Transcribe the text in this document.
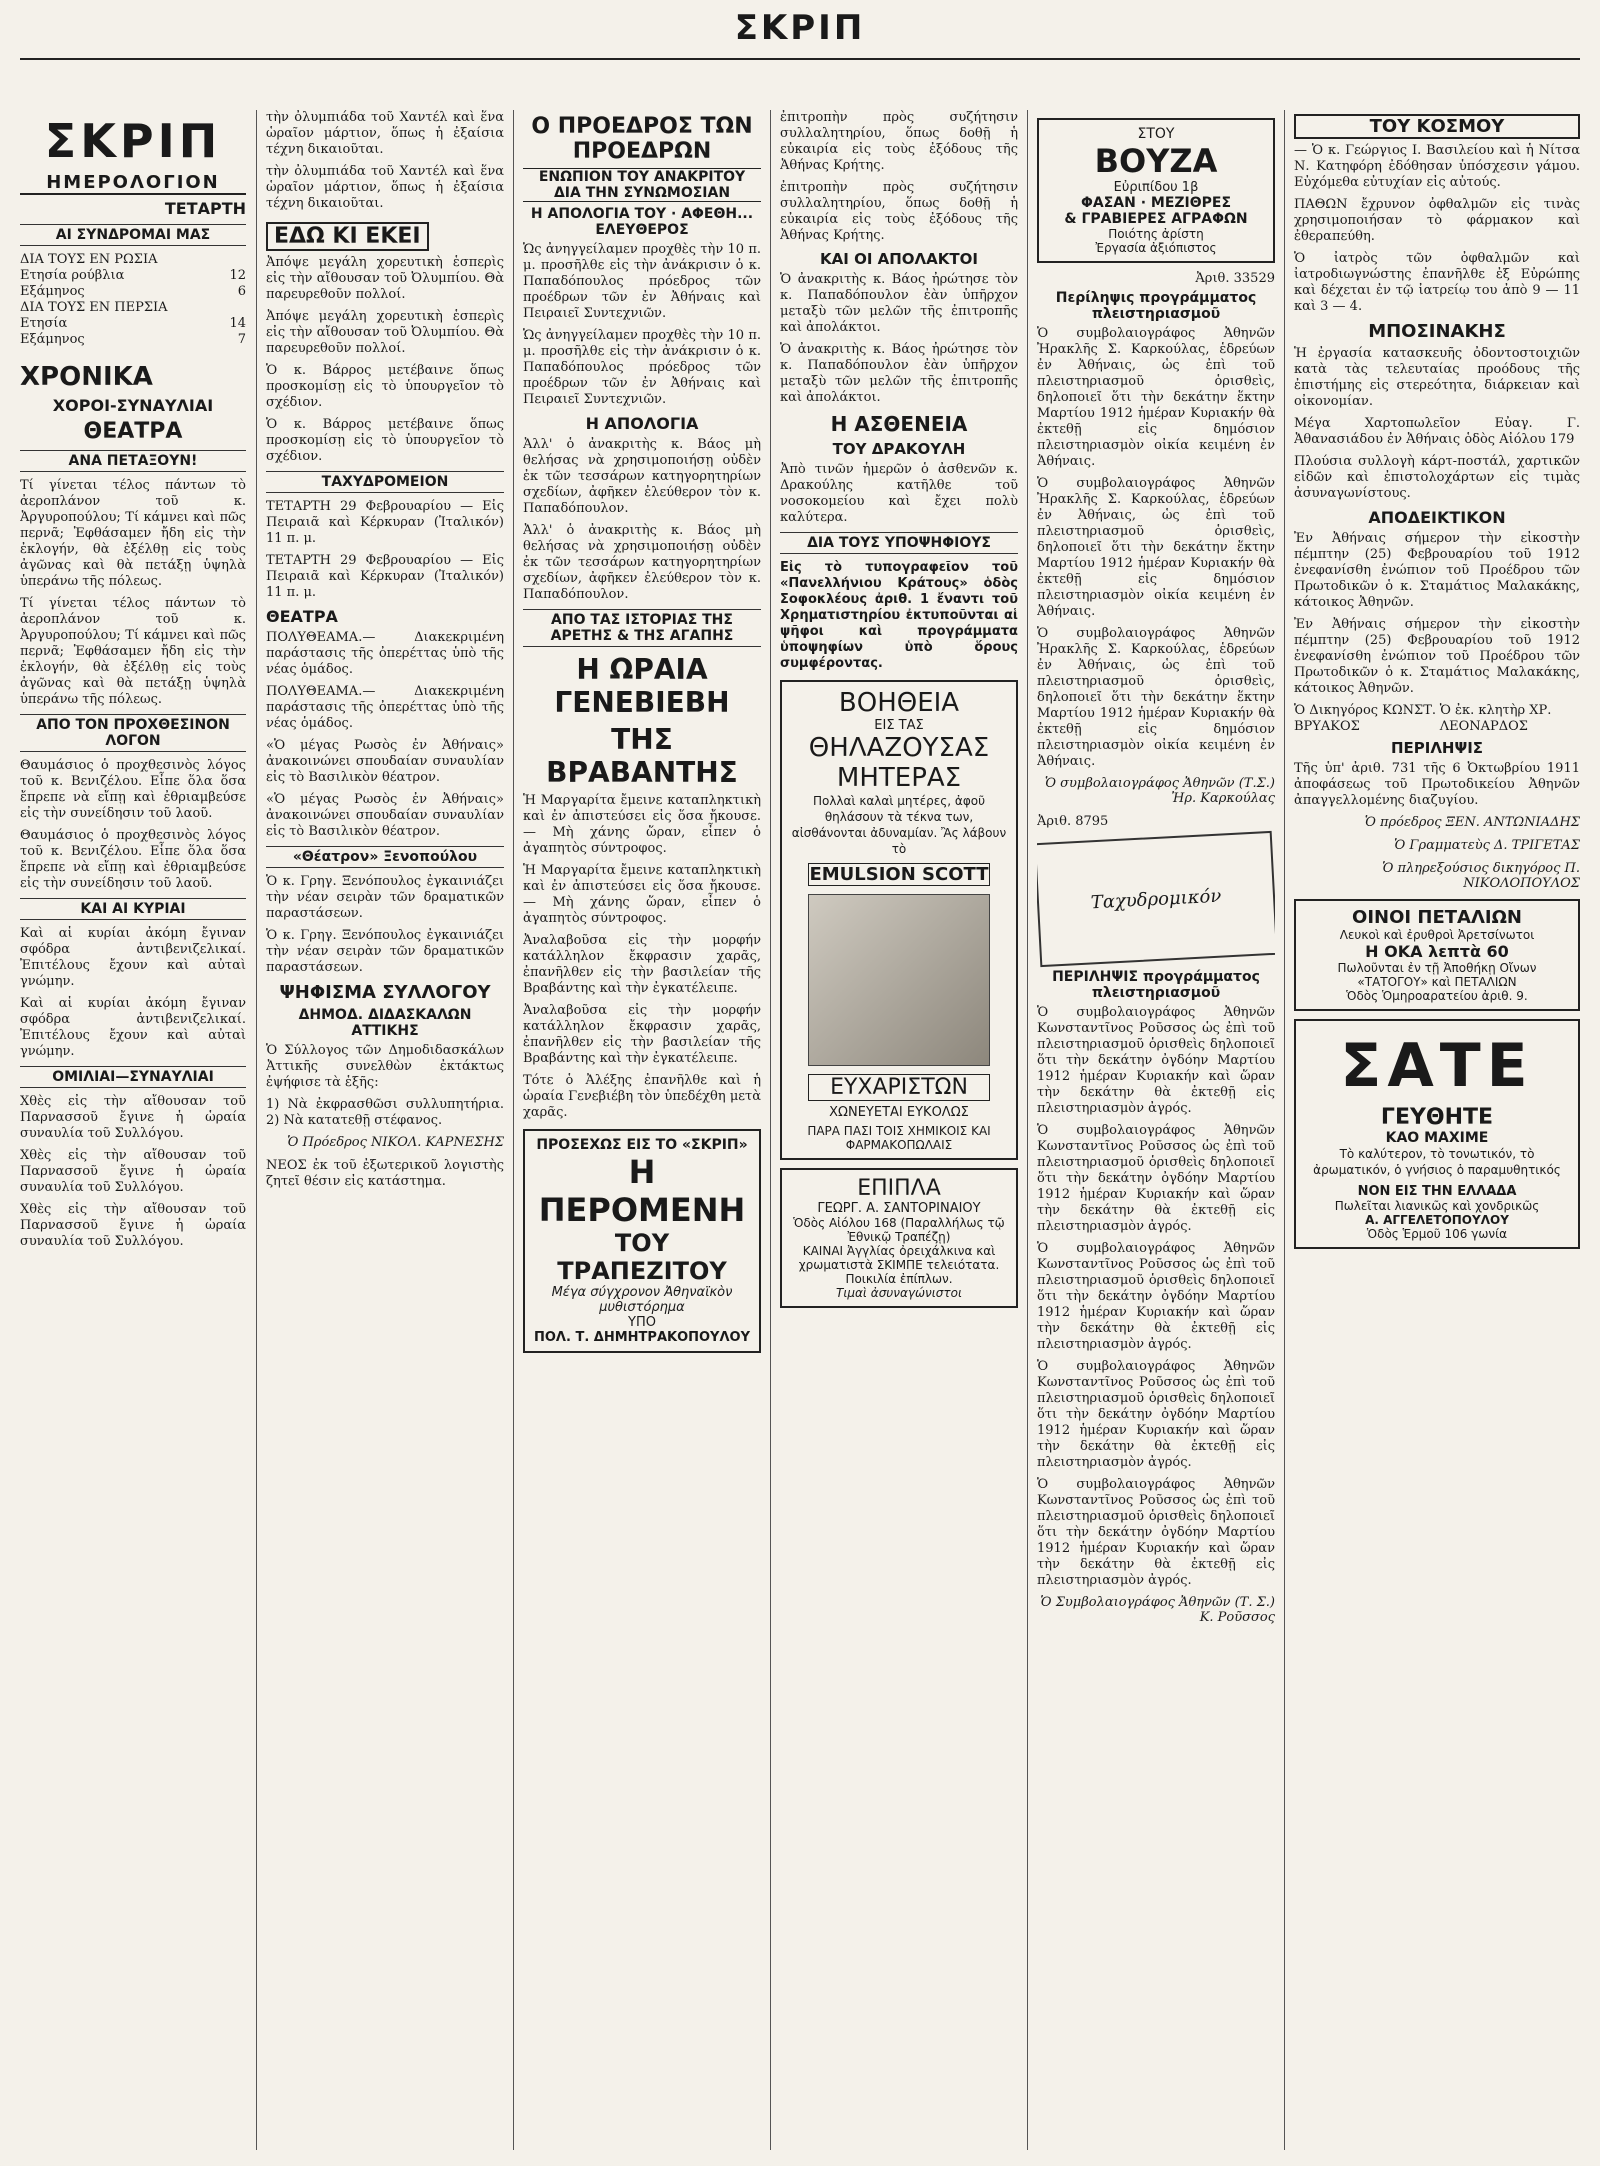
ΣΚΡΙΠ
ΣΚΡΙΠ
ΗΜΕΡΟΛΟΓΙΟΝ
ΤΕΤΑΡΤΗ
ΑΙ ΣΥΝΔΡΟΜΑΙ ΜΑΣ
ΔΙΑ ΤΟΥΣ ΕΝ ΡΩΣΙΑ
Ετησία ρούβλια	12
Εξάμηνος	6
ΔΙΑ ΤΟΥΣ ΕΝ ΠΕΡΣΙΑ
Ετησία	14
Εξάμηνος	7
ΧΡΟΝΙΚΑ
ΧΟΡΟΙ-ΣΥΝΑΥΛΙΑΙ
ΘΕΑΤΡΑ
ΑΝΑ ΠΕΤΑΞΟΥΝ!

Τί γίνεται τέλος πάντων τὸ ἀεροπλάνον τοῦ κ. Ἀργυροπούλου; Τί κάμνει καὶ πῶς περνᾶ; Ἐφθάσαμεν ἤδη εἰς τὴν ἐκλογήν, θὰ ἐξέλθῃ εἰς τοὺς ἀγῶνας καὶ θὰ πετάξῃ ὑψηλὰ ὑπεράνω τῆς πόλεως.

Τί γίνεται τέλος πάντων τὸ ἀεροπλάνον τοῦ κ. Ἀργυροπούλου; Τί κάμνει καὶ πῶς περνᾶ; Ἐφθάσαμεν ἤδη εἰς τὴν ἐκλογήν, θὰ ἐξέλθῃ εἰς τοὺς ἀγῶνας καὶ θὰ πετάξῃ ὑψηλὰ ὑπεράνω τῆς πόλεως.

ΑΠΟ ΤΟΝ ΠΡΟΧΘΕΣΙΝΟΝ ΛΟΓΟΝ

Θαυμάσιος ὁ προχθεσινὸς λόγος τοῦ κ. Βενιζέλου. Εἶπε ὅλα ὅσα ἔπρεπε νὰ εἴπῃ καὶ ἐθριαμβεύσε εἰς τὴν συνείδησιν τοῦ λαοῦ.

Θαυμάσιος ὁ προχθεσινὸς λόγος τοῦ κ. Βενιζέλου. Εἶπε ὅλα ὅσα ἔπρεπε νὰ εἴπῃ καὶ ἐθριαμβεύσε εἰς τὴν συνείδησιν τοῦ λαοῦ.

ΚΑΙ ΑΙ ΚΥΡΙΑΙ

Καὶ αἱ κυρίαι ἀκόμη ἔγιναν σφόδρα ἀντιβενιζελικαί. Ἐπιτέλους ἔχουν καὶ αὐταὶ γνώμην.

Καὶ αἱ κυρίαι ἀκόμη ἔγιναν σφόδρα ἀντιβενιζελικαί. Ἐπιτέλους ἔχουν καὶ αὐταὶ γνώμην.

ΟΜΙΛΙΑΙ—ΣΥΝΑΥΛΙΑΙ

Χθὲς εἰς τὴν αἴθουσαν τοῦ Παρνασσοῦ ἔγινε ἡ ὡραία συναυλία τοῦ Συλλόγου.

Χθὲς εἰς τὴν αἴθουσαν τοῦ Παρνασσοῦ ἔγινε ἡ ὡραία συναυλία τοῦ Συλλόγου.

Χθὲς εἰς τὴν αἴθουσαν τοῦ Παρνασσοῦ ἔγινε ἡ ὡραία συναυλία τοῦ Συλλόγου.

τὴν ὀλυμπιάδα τοῦ Χαντέλ καὶ ἕνα ὡραῖον μάρτιον, ὅπως ἡ ἐξαίσια τέχνη δικαιοῦται.

τὴν ὀλυμπιάδα τοῦ Χαντέλ καὶ ἕνα ὡραῖον μάρτιον, ὅπως ἡ ἐξαίσια τέχνη δικαιοῦται.

ΕΔΩ ΚΙ ΕΚΕΙ

Ἀπόψε μεγάλη χορευτικὴ ἑσπερὶς εἰς τὴν αἴθουσαν τοῦ Ὀλυμπίου. Θὰ παρευρεθοῦν πολλοί.

Ἀπόψε μεγάλη χορευτικὴ ἑσπερὶς εἰς τὴν αἴθουσαν τοῦ Ὀλυμπίου. Θὰ παρευρεθοῦν πολλοί.

Ὁ κ. Βάρρος μετέβαινε ὅπως προσκομίσῃ εἰς τὸ ὑπουργεῖον τὸ σχέδιον.

Ὁ κ. Βάρρος μετέβαινε ὅπως προσκομίσῃ εἰς τὸ ὑπουργεῖον τὸ σχέδιον.

ΤΑΧΥΔΡΟΜΕΙΟΝ

ΤΕΤΑΡΤΗ 29 Φεβρουαρίου — Εἰς Πειραιᾶ καὶ Κέρκυραν (Ἰταλικόν) 11 π. μ.

ΤΕΤΑΡΤΗ 29 Φεβρουαρίου — Εἰς Πειραιᾶ καὶ Κέρκυραν (Ἰταλικόν) 11 π. μ.

ΘΕΑΤΡΑ

ΠΟΛΥΘΕΑΜΑ.— Διακεκριμένη παράστασις τῆς ὀπερέττας ὑπὸ τῆς νέας ὁμάδος.

ΠΟΛΥΘΕΑΜΑ.— Διακεκριμένη παράστασις τῆς ὀπερέττας ὑπὸ τῆς νέας ὁμάδος.

«Ὁ μέγας Ρωσὸς ἐν Ἀθήναις» ἀνακοινώνει σπουδαίαν συναυλίαν εἰς τὸ Βασιλικὸν θέατρον.

«Ὁ μέγας Ρωσὸς ἐν Ἀθήναις» ἀνακοινώνει σπουδαίαν συναυλίαν εἰς τὸ Βασιλικὸν θέατρον.

«Θέατρον» Ξενοπούλου

Ὁ κ. Γρηγ. Ξενόπουλος ἐγκαινιάζει τὴν νέαν σειρὰν τῶν δραματικῶν παραστάσεων.

Ὁ κ. Γρηγ. Ξενόπουλος ἐγκαινιάζει τὴν νέαν σειρὰν τῶν δραματικῶν παραστάσεων.

ΨΗΦΙΣΜΑ ΣΥΛΛΟΓΟΥ
ΔΗΜΟΔ. ΔΙΔΑΣΚΑΛΩΝ ΑΤΤΙΚΗΣ

Ὁ Σύλλογος τῶν Δημοδιδασκάλων Ἀττικῆς συνελθὼν ἐκτάκτως ἐψήφισε τὰ ἑξῆς:

1) Νὰ ἐκφρασθῶσι συλλυπητήρια. 2) Νὰ κατατεθῇ στέφανος.

Ὁ Πρόεδρος ΝΙΚΟΛ. ΚΑΡΝΕΣΗΣ

ΝΕΟΣ ἐκ τοῦ ἐξωτερικοῦ λογιστὴς ζητεῖ θέσιν εἰς κατάστημα.

Ο ΠΡΟΕΔΡΟΣ ΤΩΝ ΠΡΟΕΔΡΩΝ
ΕΝΩΠΙΟΝ ΤΟΥ ΑΝΑΚΡΙΤΟΥ ΔΙΑ ΤΗΝ ΣΥΝΩΜΟΣΙΑΝ
Η ΑΠΟΛΟΓΙΑ ΤΟΥ · ΑΦΕΘΗ... ΕΛΕΥΘΕΡΟΣ

Ὡς ἀνηγγείλαμεν προχθὲς τὴν 10 π. μ. προσῆλθε εἰς τὴν ἀνάκρισιν ὁ κ. Παπαδόπουλος πρόεδρος τῶν προέδρων τῶν ἐν Ἀθήναις καὶ Πειραιεῖ Συντεχνιῶν.

Ὡς ἀνηγγείλαμεν προχθὲς τὴν 10 π. μ. προσῆλθε εἰς τὴν ἀνάκρισιν ὁ κ. Παπαδόπουλος πρόεδρος τῶν προέδρων τῶν ἐν Ἀθήναις καὶ Πειραιεῖ Συντεχνιῶν.

Η ΑΠΟΛΟΓΙΑ

Ἀλλ' ὁ ἀνακριτὴς κ. Βάος μὴ θελήσας νὰ χρησιμοποιήσῃ οὐδὲν ἐκ τῶν τεσσάρων κατηγορητηρίων σχεδίων, ἀφῆκεν ἐλεύθερον τὸν κ. Παπαδόπουλον.

Ἀλλ' ὁ ἀνακριτὴς κ. Βάος μὴ θελήσας νὰ χρησιμοποιήσῃ οὐδὲν ἐκ τῶν τεσσάρων κατηγορητηρίων σχεδίων, ἀφῆκεν ἐλεύθερον τὸν κ. Παπαδόπουλον.

ΑΠΟ ΤΑΣ ΙΣΤΟΡΙΑΣ ΤΗΣ ΑΡΕΤΗΣ & ΤΗΣ ΑΓΑΠΗΣ
Η ΩΡΑΙΑ ΓΕΝΕΒΙΕΒΗ
ΤΗΣ ΒΡΑΒΑΝΤΗΣ

Ἡ Μαργαρίτα ἔμεινε καταπληκτικὴ καὶ ἐν ἀπιστεύσει εἰς ὅσα ἤκουσε. — Μὴ χάνης ὥραν, εἶπεν ὁ ἀγαπητὸς σύντροφος.

Ἡ Μαργαρίτα ἔμεινε καταπληκτικὴ καὶ ἐν ἀπιστεύσει εἰς ὅσα ἤκουσε. — Μὴ χάνης ὥραν, εἶπεν ὁ ἀγαπητὸς σύντροφος.

Ἀναλαβοῦσα εἰς τὴν μορφήν κατάλληλον ἔκφρασιν χαρᾶς, ἐπανῆλθεν εἰς τὴν βασιλείαν τῆς Βραβάντης καὶ τὴν ἐγκατέλειπε.

Ἀναλαβοῦσα εἰς τὴν μορφήν κατάλληλον ἔκφρασιν χαρᾶς, ἐπανῆλθεν εἰς τὴν βασιλείαν τῆς Βραβάντης καὶ τὴν ἐγκατέλειπε.

Τότε ὁ Ἀλέξης ἐπανῆλθε καὶ ἡ ὡραία Γενεβιέβη τὸν ὑπεδέχθη μετὰ χαρᾶς.

ΠΡΟΣΕΧΩΣ ΕΙΣ ΤΟ «ΣΚΡΙΠ»
Η ΠΕΡΟΜΕΝΗ
ΤΟΥ ΤΡΑΠΕΖΙΤΟΥ
Μέγα σύγχρονον Ἀθηναϊκὸν μυθιστόρημα
ΥΠΟ
ΠΟΛ. Τ. ΔΗΜΗΤΡΑΚΟΠΟΥΛΟΥ

ἐπιτροπὴν πρὸς συζήτησιν συλλαλητηρίου, ὅπως δοθῇ ἡ εὐκαιρία εἰς τοὺς ἐξόδους τῆς Ἀθήνας Κρήτης.

ἐπιτροπὴν πρὸς συζήτησιν συλλαλητηρίου, ὅπως δοθῇ ἡ εὐκαιρία εἰς τοὺς ἐξόδους τῆς Ἀθήνας Κρήτης.

ΚΑΙ ΟΙ ΑΠΟΛΑΚΤΟΙ

Ὁ ἀνακριτὴς κ. Βάος ἠρώτησε τὸν κ. Παπαδόπουλον ἐὰν ὑπῆρχον μεταξὺ τῶν μελῶν τῆς ἐπιτροπῆς καὶ ἀπολάκτοι.

Ὁ ἀνακριτὴς κ. Βάος ἠρώτησε τὸν κ. Παπαδόπουλον ἐὰν ὑπῆρχον μεταξὺ τῶν μελῶν τῆς ἐπιτροπῆς καὶ ἀπολάκτοι.

Η ΑΣΘΕΝΕΙΑ
ΤΟΥ ΔΡΑΚΟΥΛΗ

Ἀπὸ τινῶν ἡμερῶν ὁ ἀσθενῶν κ. Δρακούλης κατῆλθε τοῦ νοσοκομείου καὶ ἔχει πολὺ καλύτερα.

ΔΙΑ ΤΟΥΣ ΥΠΟΨΗΦΙΟΥΣ

Εἰς τὸ τυπογραφεῖον τοῦ «Πανελλήνιου Κράτους» ὁδὸς Σοφοκλέους ἀριθ. 1 ἔναντι τοῦ Χρηματιστηρίου ἐκτυποῦνται αἱ ψῆφοι καὶ προγράμματα ὑποψηφίων ὑπὸ ὅρους συμφέροντας.

ΒΟΗΘΕΙΑ
ΕΙΣ ΤΑΣ
ΘΗΛΑΖΟΥΣΑΣ
ΜΗΤΕΡΑΣ

Πολλαὶ καλαὶ μητέρες, ἀφοῦ θηλάσουν τὰ τέκνα των, αἰσθάνονται ἀδυναμίαν. Ἂς λάβουν τὸ

EMULSION SCOTT
ΕΥΧΑΡΙΣΤΩΝ
ΧΩΝΕΥΕΤΑΙ ΕΥΚΟΛΩΣ
ΠΑΡΑ ΠΑΣΙ ΤΟΙΣ ΧΗΜΙΚΟΙΣ ΚΑΙ ΦΑΡΜΑΚΟΠΩΛΑΙΣ
ΕΠΙΠΛΑ
ΓΕΩΡΓ. Α. ΣΑΝΤΟΡΙΝΑΙΟΥ
Ὁδὸς Αἰόλου 168 (Παραλλήλως τῷ Ἐθνικῷ Τραπέζῃ)
ΚΑΙΝΑΙ Ἀγγλίας ὀρειχάλκινα καὶ χρωματιστὰ ΣΚΙΜΠΕ τελειότατα. Ποικιλία ἐπίπλων.
Τιμαὶ ἀσυναγώνιστοι
ΣΤΟΥ
ΒΟΥΖΑ
Εὐριπίδου 1β
ΦΑΣΑΝ · ΜΕΖΙΘΡΕΣ
& ΓΡΑΒΙΕΡΕΣ ΑΓΡΑΦΩΝ
Ποιότης ἀρίστη
Ἐργασία ἀξιόπιστος
Ἀριθ. 33529
Περίληψις προγράμματος πλειστηριασμοῦ

Ὁ συμβολαιογράφος Ἀθηνῶν Ἠρακλῆς Σ. Καρκούλας, ἑδρεύων ἐν Ἀθήναις, ὡς ἐπὶ τοῦ πλειστηριασμοῦ ὁρισθεὶς, δηλοποιεῖ ὅτι τὴν δεκάτην ἕκτην Μαρτίου 1912 ἡμέραν Κυριακήν θὰ ἐκτεθῇ εἰς δημόσιον πλειστηριασμὸν οἰκία κειμένη ἐν Ἀθήναις.

Ὁ συμβολαιογράφος Ἀθηνῶν Ἠρακλῆς Σ. Καρκούλας, ἑδρεύων ἐν Ἀθήναις, ὡς ἐπὶ τοῦ πλειστηριασμοῦ ὁρισθεὶς, δηλοποιεῖ ὅτι τὴν δεκάτην ἕκτην Μαρτίου 1912 ἡμέραν Κυριακήν θὰ ἐκτεθῇ εἰς δημόσιον πλειστηριασμὸν οἰκία κειμένη ἐν Ἀθήναις.

Ὁ συμβολαιογράφος Ἀθηνῶν Ἠρακλῆς Σ. Καρκούλας, ἑδρεύων ἐν Ἀθήναις, ὡς ἐπὶ τοῦ πλειστηριασμοῦ ὁρισθεὶς, δηλοποιεῖ ὅτι τὴν δεκάτην ἕκτην Μαρτίου 1912 ἡμέραν Κυριακήν θὰ ἐκτεθῇ εἰς δημόσιον πλειστηριασμὸν οἰκία κειμένη ἐν Ἀθήναις.

Ὁ συμβολαιογράφος Ἀθηνῶν (Τ.Σ.) Ἠρ. Καρκούλας
Ἀριθ. 8795
Ταχυδρομικόν
ΠΕΡΙΛΗΨΙΣ προγράμματος πλειστηριασμοῦ

Ὁ συμβολαιογράφος Ἀθηνῶν Κωνσταντῖνος Ροῦσσος ὡς ἐπὶ τοῦ πλειστηριασμοῦ ὁρισθεὶς δηλοποιεῖ ὅτι τὴν δεκάτην ὀγδόην Μαρτίου 1912 ἡμέραν Κυριακήν καὶ ὥραν τὴν δεκάτην θὰ ἐκτεθῇ εἰς πλειστηριασμὸν ἀγρός.

Ὁ συμβολαιογράφος Ἀθηνῶν Κωνσταντῖνος Ροῦσσος ὡς ἐπὶ τοῦ πλειστηριασμοῦ ὁρισθεὶς δηλοποιεῖ ὅτι τὴν δεκάτην ὀγδόην Μαρτίου 1912 ἡμέραν Κυριακήν καὶ ὥραν τὴν δεκάτην θὰ ἐκτεθῇ εἰς πλειστηριασμὸν ἀγρός.

Ὁ συμβολαιογράφος Ἀθηνῶν Κωνσταντῖνος Ροῦσσος ὡς ἐπὶ τοῦ πλειστηριασμοῦ ὁρισθεὶς δηλοποιεῖ ὅτι τὴν δεκάτην ὀγδόην Μαρτίου 1912 ἡμέραν Κυριακήν καὶ ὥραν τὴν δεκάτην θὰ ἐκτεθῇ εἰς πλειστηριασμὸν ἀγρός.

Ὁ συμβολαιογράφος Ἀθηνῶν Κωνσταντῖνος Ροῦσσος ὡς ἐπὶ τοῦ πλειστηριασμοῦ ὁρισθεὶς δηλοποιεῖ ὅτι τὴν δεκάτην ὀγδόην Μαρτίου 1912 ἡμέραν Κυριακήν καὶ ὥραν τὴν δεκάτην θὰ ἐκτεθῇ εἰς πλειστηριασμὸν ἀγρός.

Ὁ συμβολαιογράφος Ἀθηνῶν Κωνσταντῖνος Ροῦσσος ὡς ἐπὶ τοῦ πλειστηριασμοῦ ὁρισθεὶς δηλοποιεῖ ὅτι τὴν δεκάτην ὀγδόην Μαρτίου 1912 ἡμέραν Κυριακήν καὶ ὥραν τὴν δεκάτην θὰ ἐκτεθῇ εἰς πλειστηριασμὸν ἀγρός.

Ὁ Συμβολαιογράφος Ἀθηνῶν (Τ. Σ.) Κ. Ροῦσσος
ΤΟΥ ΚΟΣΜΟΥ

— Ὁ κ. Γεώργιος Ι. Βασιλείου καὶ ἡ Νίτσα Ν. Κατηφόρη ἐδόθησαν ὑπόσχεσιν γάμου. Εὐχόμεθα εὐτυχίαν εἰς αὐτούς.

ΠΑΘΩΝ ἔχρυνον ὀφθαλμῶν εἰς τινὰς χρησιμοποιήσαν τὸ φάρμακον καὶ ἐθεραπεύθη.

Ὁ ἰατρὸς τῶν ὀφθαλμῶν καὶ ἰατροδιωγνώστης ἐπανῆλθε ἐξ Εὐρώπης καὶ δέχεται ἐν τῷ ἰατρείῳ του ἀπὸ 9 — 11 καὶ 3 — 4.

ΜΠΟΣΙΝΑΚΗΣ

Ἡ ἐργασία κατασκευῆς ὀδοντοστοιχιῶν κατὰ τὰς τελευταίας προόδους τῆς ἐπιστήμης εἰς στερεότητα, διάρκειαν καὶ οἰκονομίαν.

Μέγα Χαρτοπωλεῖον Εὐαγ. Γ. Ἀθανασιάδου ἐν Ἀθήναις ὁδὸς Αἰόλου 179

Πλούσια συλλογὴ κάρτ-ποστάλ, χαρτικῶν εἰδῶν καὶ ἐπιστολοχάρτων εἰς τιμὰς ἀσυναγωνίστους.

ΑΠΟΔΕΙΚΤΙΚΟΝ

Ἐν Ἀθήναις σήμερον τὴν εἰκοστὴν πέμπτην (25) Φεβρουαρίου τοῦ 1912 ἐνεφανίσθη ἐνώπιον τοῦ Προέδρου τῶν Πρωτοδικῶν ὁ κ. Σταμάτιος Μαλακάκης, κάτοικος Ἀθηνῶν.

Ἐν Ἀθήναις σήμερον τὴν εἰκοστὴν πέμπτην (25) Φεβρουαρίου τοῦ 1912 ἐνεφανίσθη ἐνώπιον τοῦ Προέδρου τῶν Πρωτοδικῶν ὁ κ. Σταμάτιος Μαλακάκης, κάτοικος Ἀθηνῶν.

Ὁ Δικηγόρος ΚΩΝΣΤ. ΒΡΥΑΚΟΣ
Ὁ ἐκ. κλητὴρ ΧΡ. ΛΕΟΝΑΡΔΟΣ
ΠΕΡΙΛΗΨΙΣ

Τῆς ὑπ' ἀριθ. 731 τῆς 6 Ὀκτωβρίου 1911 ἀποφάσεως τοῦ Πρωτοδικείου Ἀθηνῶν ἀπαγγελλομένης διαζυγίου.

Ὁ πρόεδρος ΞΕΝ. ΑΝΤΩΝΙΑΔΗΣ
Ὁ Γραμματεὺς Δ. ΤΡΙΓΕΤΑΣ
Ὁ πληρεξούσιος δικηγόρος Π. ΝΙΚΟΛΟΠΟΥΛΟΣ
ΟΙΝΟΙ ΠΕΤΑΛΙΩΝ
Λευκοὶ καὶ ἐρυθροὶ Ἀρετσίνωτοι
Η ΟΚΑ λεπτὰ 60
Πωλοῦνται ἐν τῇ Ἀποθήκῃ Οἴνων «ΤΑΤΟΓΟΥ» καὶ ΠΕΤΑΛΙΩΝ
Ὁδὸς Ὁμηροαρατείου ἀριθ. 9.
ΣΑΤΕ
ΓΕΥΘΗΤΕ
ΚΑΟ MAXIME

Τὸ καλύτερον, τὸ τονωτικόν, τὸ ἀρωματικόν, ὁ γνήσιος ὁ παραμυθητικός

ΝΟΝ ΕΙΣ ΤΗΝ ΕΛΛΑΔΑ
Πωλεῖται λιανικῶς καὶ χονδρικῶς
Α. ΑΓΓΕΛΕΤΟΠΟΥΛΟΥ
Ὁδὸς Ἑρμοῦ 106 γωνία
